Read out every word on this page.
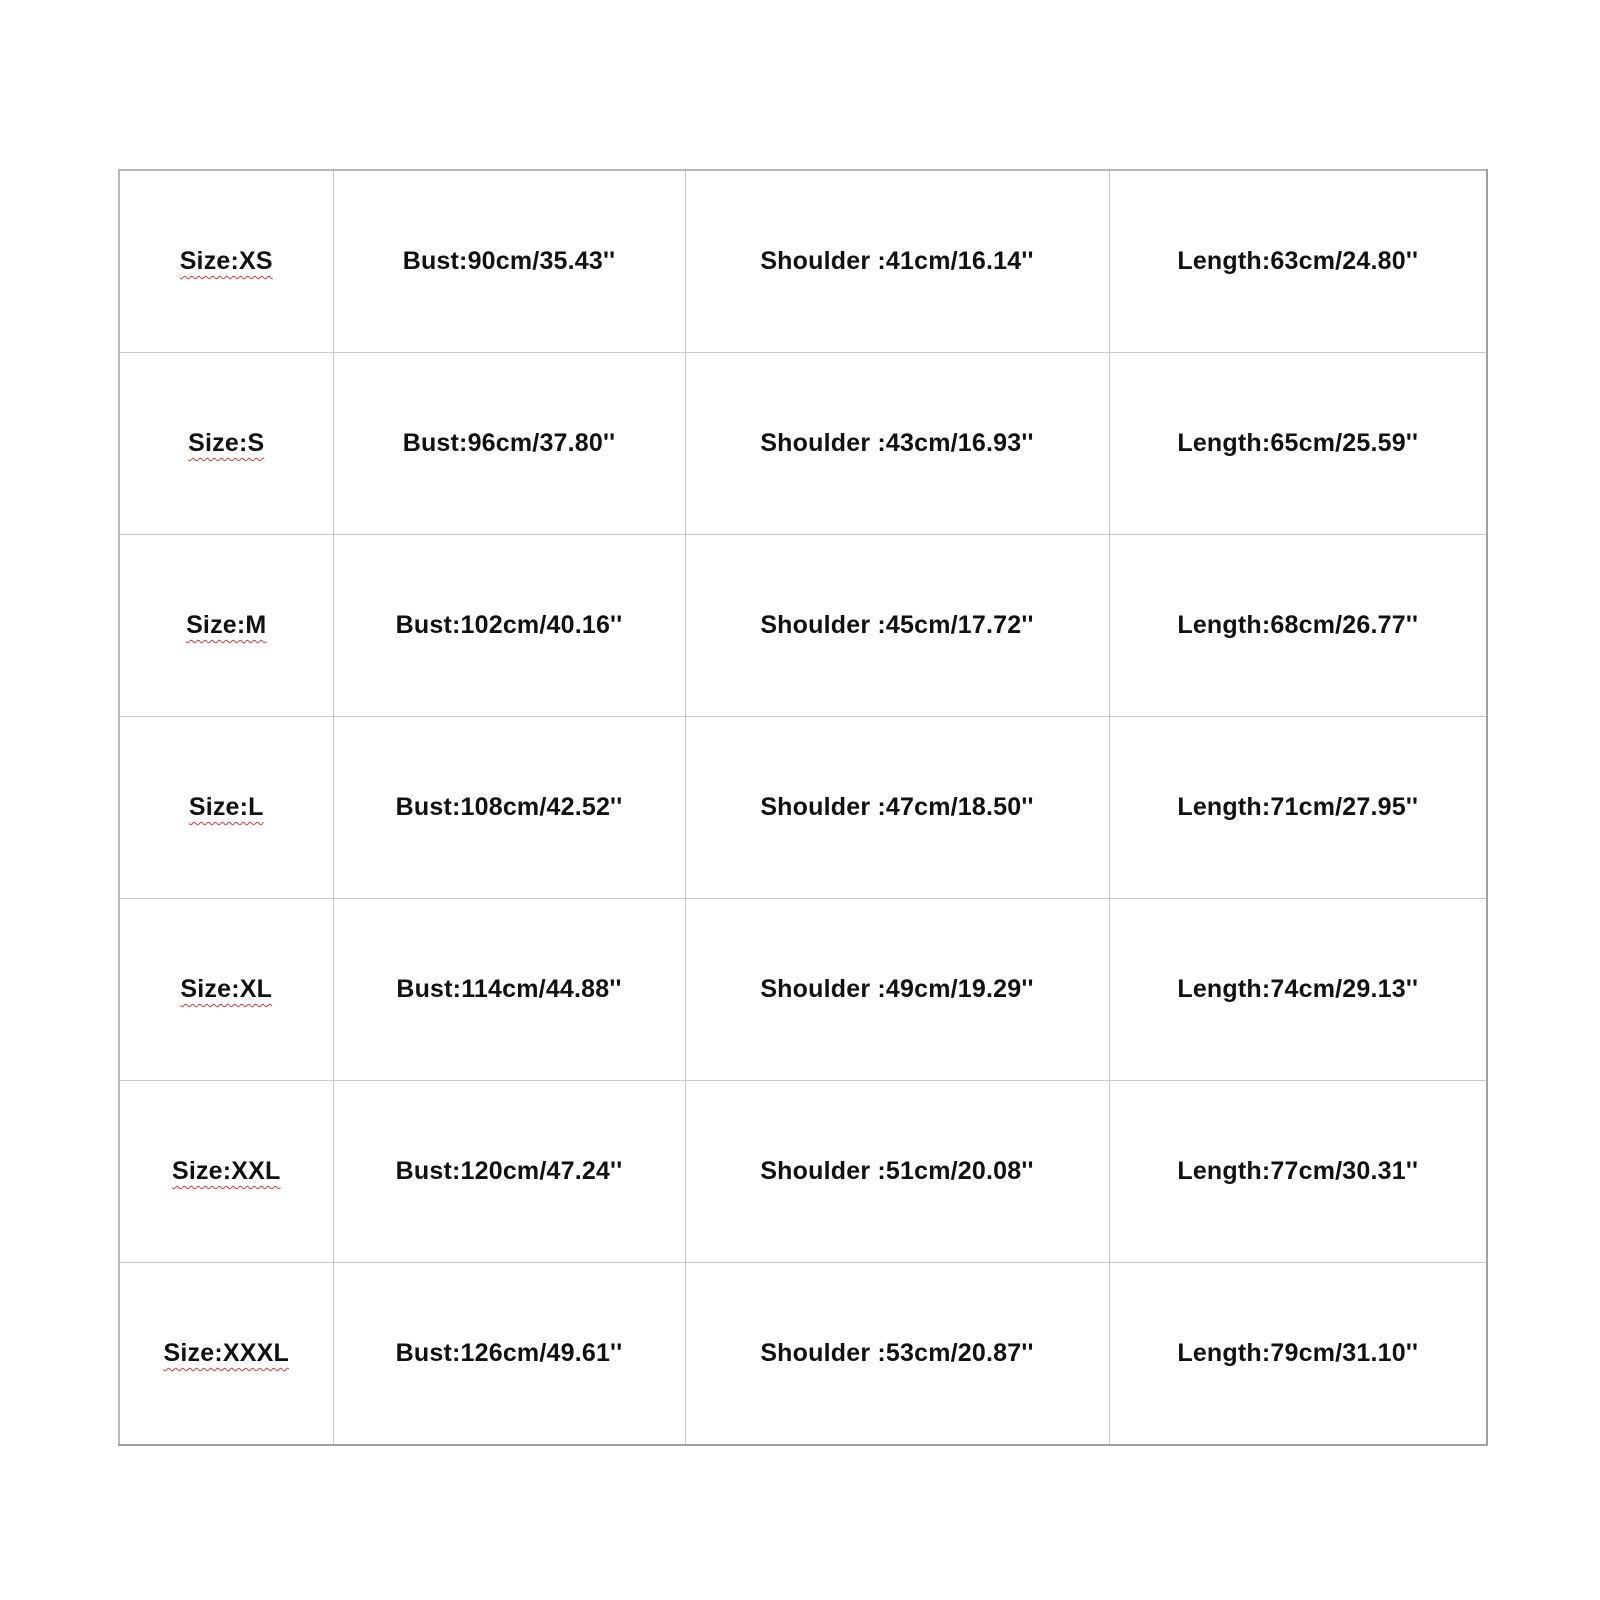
Size:XS	Bust:90cm/35.43''	Shoulder :41cm/16.14''	Length:63cm/24.80''
Size:S	Bust:96cm/37.80''	Shoulder :43cm/16.93''	Length:65cm/25.59''
Size:M	Bust:102cm/40.16''	Shoulder :45cm/17.72''	Length:68cm/26.77''
Size:L	Bust:108cm/42.52''	Shoulder :47cm/18.50''	Length:71cm/27.95''
Size:XL	Bust:114cm/44.88''	Shoulder :49cm/19.29''	Length:74cm/29.13''
Size:XXL	Bust:120cm/47.24''	Shoulder :51cm/20.08''	Length:77cm/30.31''
Size:XXXL	Bust:126cm/49.61''	Shoulder :53cm/20.87''	Length:79cm/31.10''
